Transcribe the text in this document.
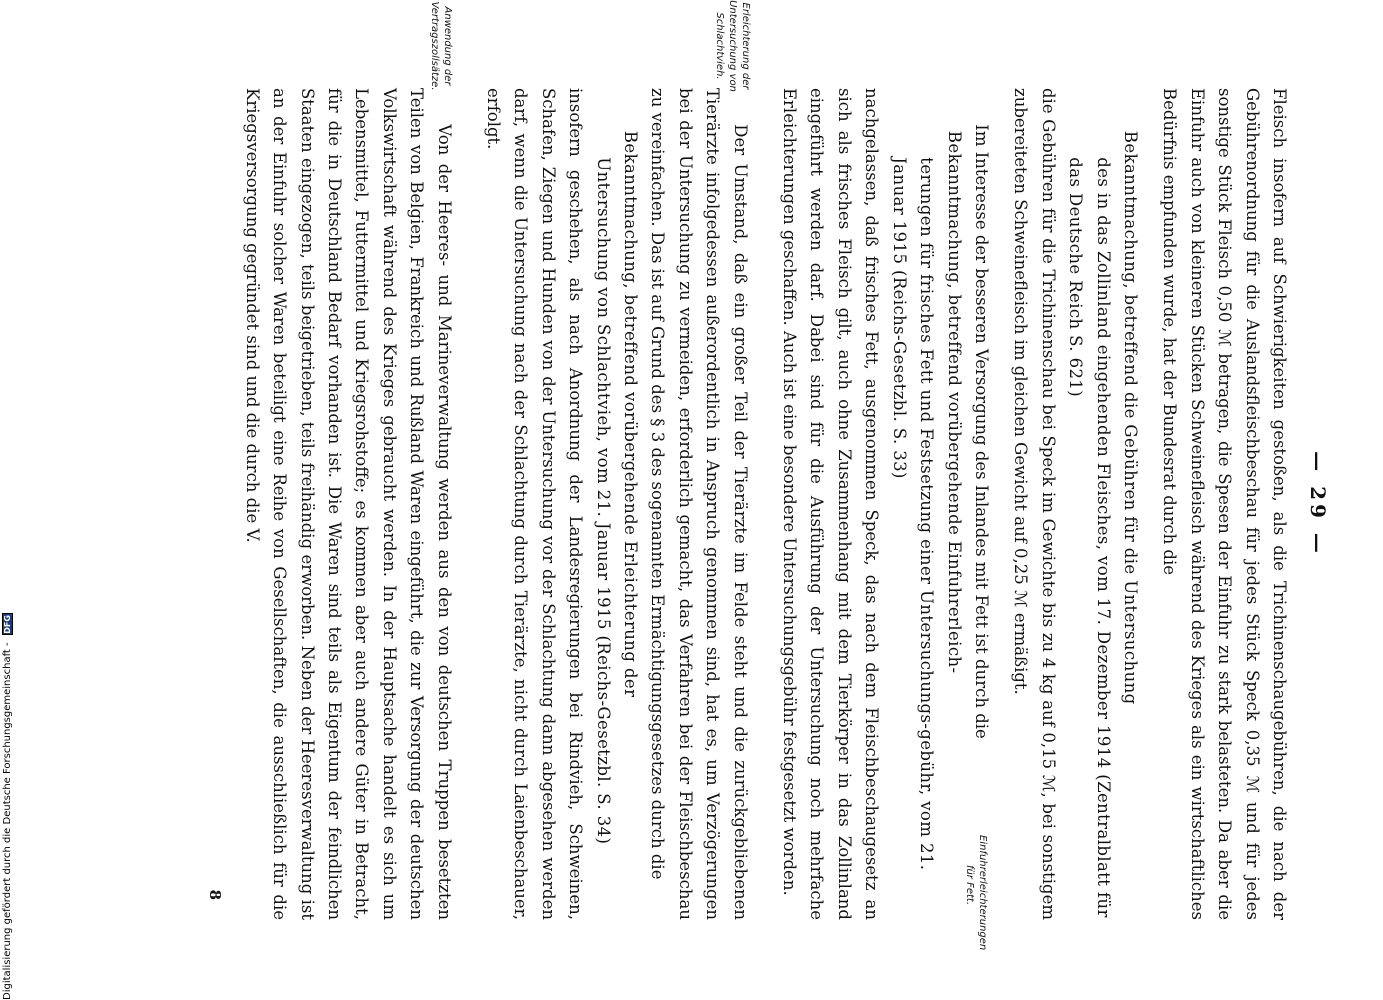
Digitalisierung gefördert durch die Deutsche Forschungsgemeinschaft -
DFG
— 29 —

Fleisch insofern auf Schwierigkeiten gestoßen, als die Trichinenschaugebühren, die nach der Gebührenordnung für die Auslandsfleischbeschau für jedes Stück Speck 0,35 ℳ und für jedes sonstige Stück Fleisch 0,50 ℳ betragen, die Spesen der Einfuhr zu stark belasteten. Da aber die Einfuhr auch von kleineren Stücken Schweinefleisch während des Krieges als ein wirtschaftliches Bedürfnis empfunden wurde, hat der Bundesrat durch die

Bekanntmachung, betreffend die Gebühren für die Untersuchung

des in das Zollinland eingehenden Fleisches, vom 17. Dezember 1914 (Zentralblatt für das Deutsche Reich S. 621)

die Gebühren für die Trichinenschau bei Speck im Gewichte bis zu 4 kg auf 0,15 ℳ, bei sonstigem zubereiteten Schweinefleisch im gleichen Gewicht auf 0,25 ℳ ermäßigt.

Einfuhrerleichterungen für Fett.

Im Interesse der besseren Versorgung des Inlandes mit Fett ist durch die

Bekanntmachung, betreffend vorübergehende Einfuhrerleich-

terungen für frisches Fett und Festsetzung einer Untersuchungs-gebühr, vom 21. Januar 1915 (Reichs-Gesetzbl. S. 33)

nachgelassen, daß frisches Fett, ausgenommen Speck, das nach dem Fleischbeschaugesetz an sich als frisches Fleisch gilt, auch ohne Zusammenhang mit dem Tierkörper in das Zollinland eingeführt werden darf. Dabei sind für die Ausführung der Untersuchung noch mehrfache Erleichterungen geschaffen. Auch ist eine besondere Untersuchungsgebühr festgesetzt worden.

Erleichterung der Untersuchung von Schlachtvieh.

Der Umstand, daß ein großer Teil der Tierärzte im Felde steht und die zurückgebliebenen Tierärzte infolgedessen außerordentlich in Anspruch genommen sind, hat es, um Verzögerungen bei der Untersuchung zu vermeiden, erforderlich gemacht, das Verfahren bei der Fleischbeschau zu vereinfachen. Das ist auf Grund des § 3 des sogenannten Ermächtigungsgesetzes durch die

Bekanntmachung, betreffend vorübergehende Erleichterung der

Untersuchung von Schlachtvieh, vom 21. Januar 1915 (Reichs-Gesetzbl. S. 34)

insofern geschehen, als nach Anordnung der Landesregierungen bei Rindvieh, Schweinen, Schafen, Ziegen und Hunden von der Untersuchung vor der Schlachtung dann abgesehen werden darf, wenn die Untersuchung nach der Schlachtung durch Tierärzte, nicht durch Laienbeschauer, erfolgt.

Anwendung der Vertragszollsätze.

Von der Heeres- und Marineverwaltung werden aus den von deutschen Truppen besetzten Teilen von Belgien, Frankreich und Rußland Waren eingeführt, die zur Versorgung der deutschen Volkswirtschaft während des Krieges gebraucht werden. In der Hauptsache handelt es sich um Lebensmittel, Futtermittel und Kriegsrohstoffe; es kommen aber auch andere Güter in Betracht, für die in Deutschland Bedarf vorhanden ist. Die Waren sind teils als Eigentum der feindlichen Staaten eingezogen, teils beigetrieben, teils freihändig erworben. Neben der Heeresverwaltung ist an der Einfuhr solcher Waren beteiligt eine Reihe von Gesellschaften, die ausschließlich für die Kriegsversorgung gegründet sind und die durch die V.

8
